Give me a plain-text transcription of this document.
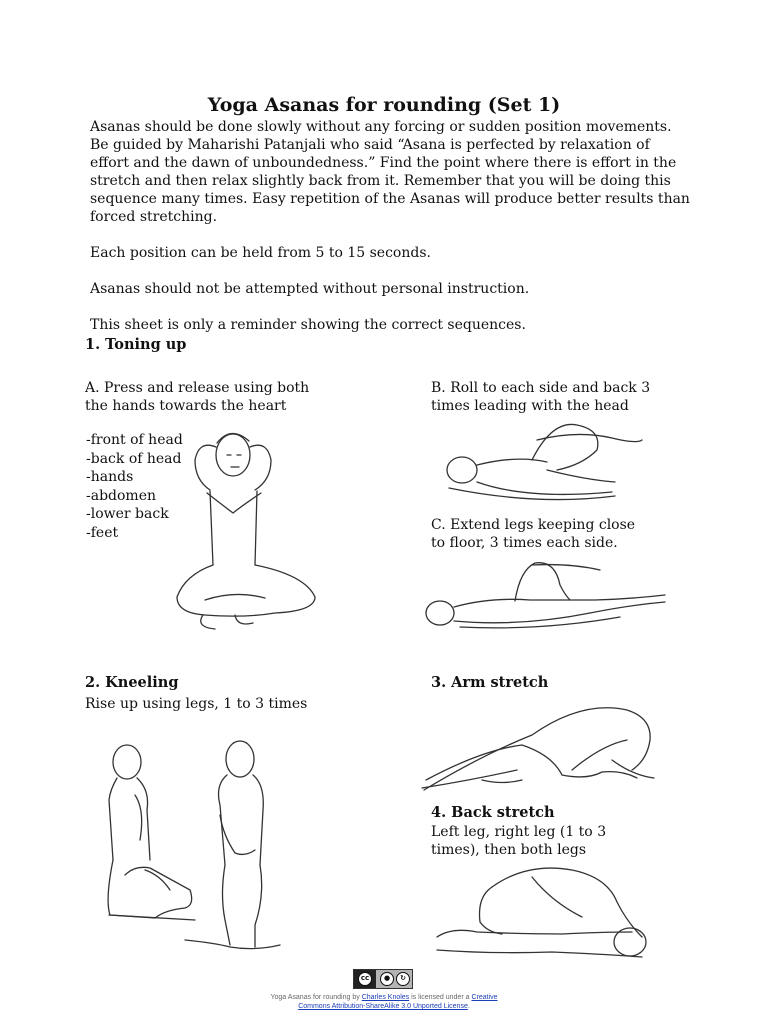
Yoga Asanas for rounding (Set 1)

Asanas should be done slowly without any forcing or sudden position movements. Be guided by Maharishi Patanjali who said “Asana is perfected by relaxation of effort and the dawn of unboundedness.” Find the point where there is effort in the stretch and then relax slightly back from it. Remember that you will be doing this sequence many times. Easy repetition of the Asanas will produce better results than forced stretching.

Each position can be held from 5 to 15 seconds.

Asanas should not be attempted without personal instruction.

This sheet is only a reminder showing the correct sequences.

1. Toning up
A. Press and release using both the hands towards the heart
-front of head
-back of head
-hands
-abdomen
-lower back
-feet
B. Roll to each side and back 3 times leading with the head
C. Extend legs keeping close to floor, 3 times each side.
2. Kneeling
Rise up using legs, 1 to 3 times
3. Arm stretch
4. Back stretch
Left leg, right leg (1 to 3 times), then both legs
cc	●	↻
Yoga Asanas for rounding by Charles Knoles is licensed under a Creative
Commons Attribution-ShareAlike 3.0 Unported License.
